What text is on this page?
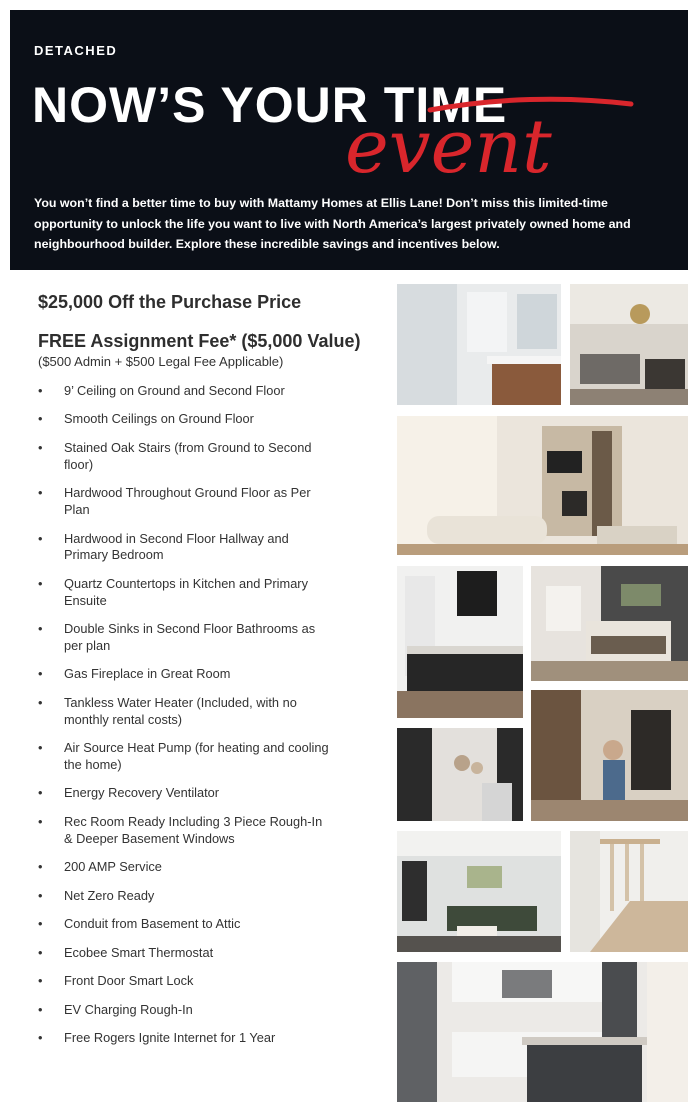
DETACHED
NOW’S YOUR TIME
event
You won’t find a better time to buy with Mattamy Homes at Ellis Lane! Don’t miss this limited-time opportunity to unlock the life you want to live with North America’s largest privately owned home and neighbourhood builder. Explore these incredible savings and incentives below.
$25,000 Off the Purchase Price
FREE Assignment Fee* ($5,000 Value)
($500 Admin + $500 Legal Fee Applicable)
• 9’ Ceiling on Ground and Second Floor
• Smooth Ceilings on Ground Floor
• Stained Oak Stairs (from Ground to Second floor)
• Hardwood Throughout Ground Floor as Per Plan
• Hardwood in Second Floor Hallway and Primary Bedroom
• Quartz Countertops in Kitchen and Primary Ensuite
• Double Sinks in Second Floor Bathrooms as per plan
• Gas Fireplace in Great Room
• Tankless Water Heater (Included, with no monthly rental costs)
• Air Source Heat Pump (for heating and cooling the home)
• Energy Recovery Ventilator
• Rec Room Ready Including 3 Piece Rough-In & Deeper Basement Windows
• 200 AMP Service
• Net Zero Ready
• Conduit from Basement to Attic
• Ecobee Smart Thermostat
• Front Door Smart Lock
• EV Charging Rough-In
• Free Rogers Ignite Internet for 1 Year
